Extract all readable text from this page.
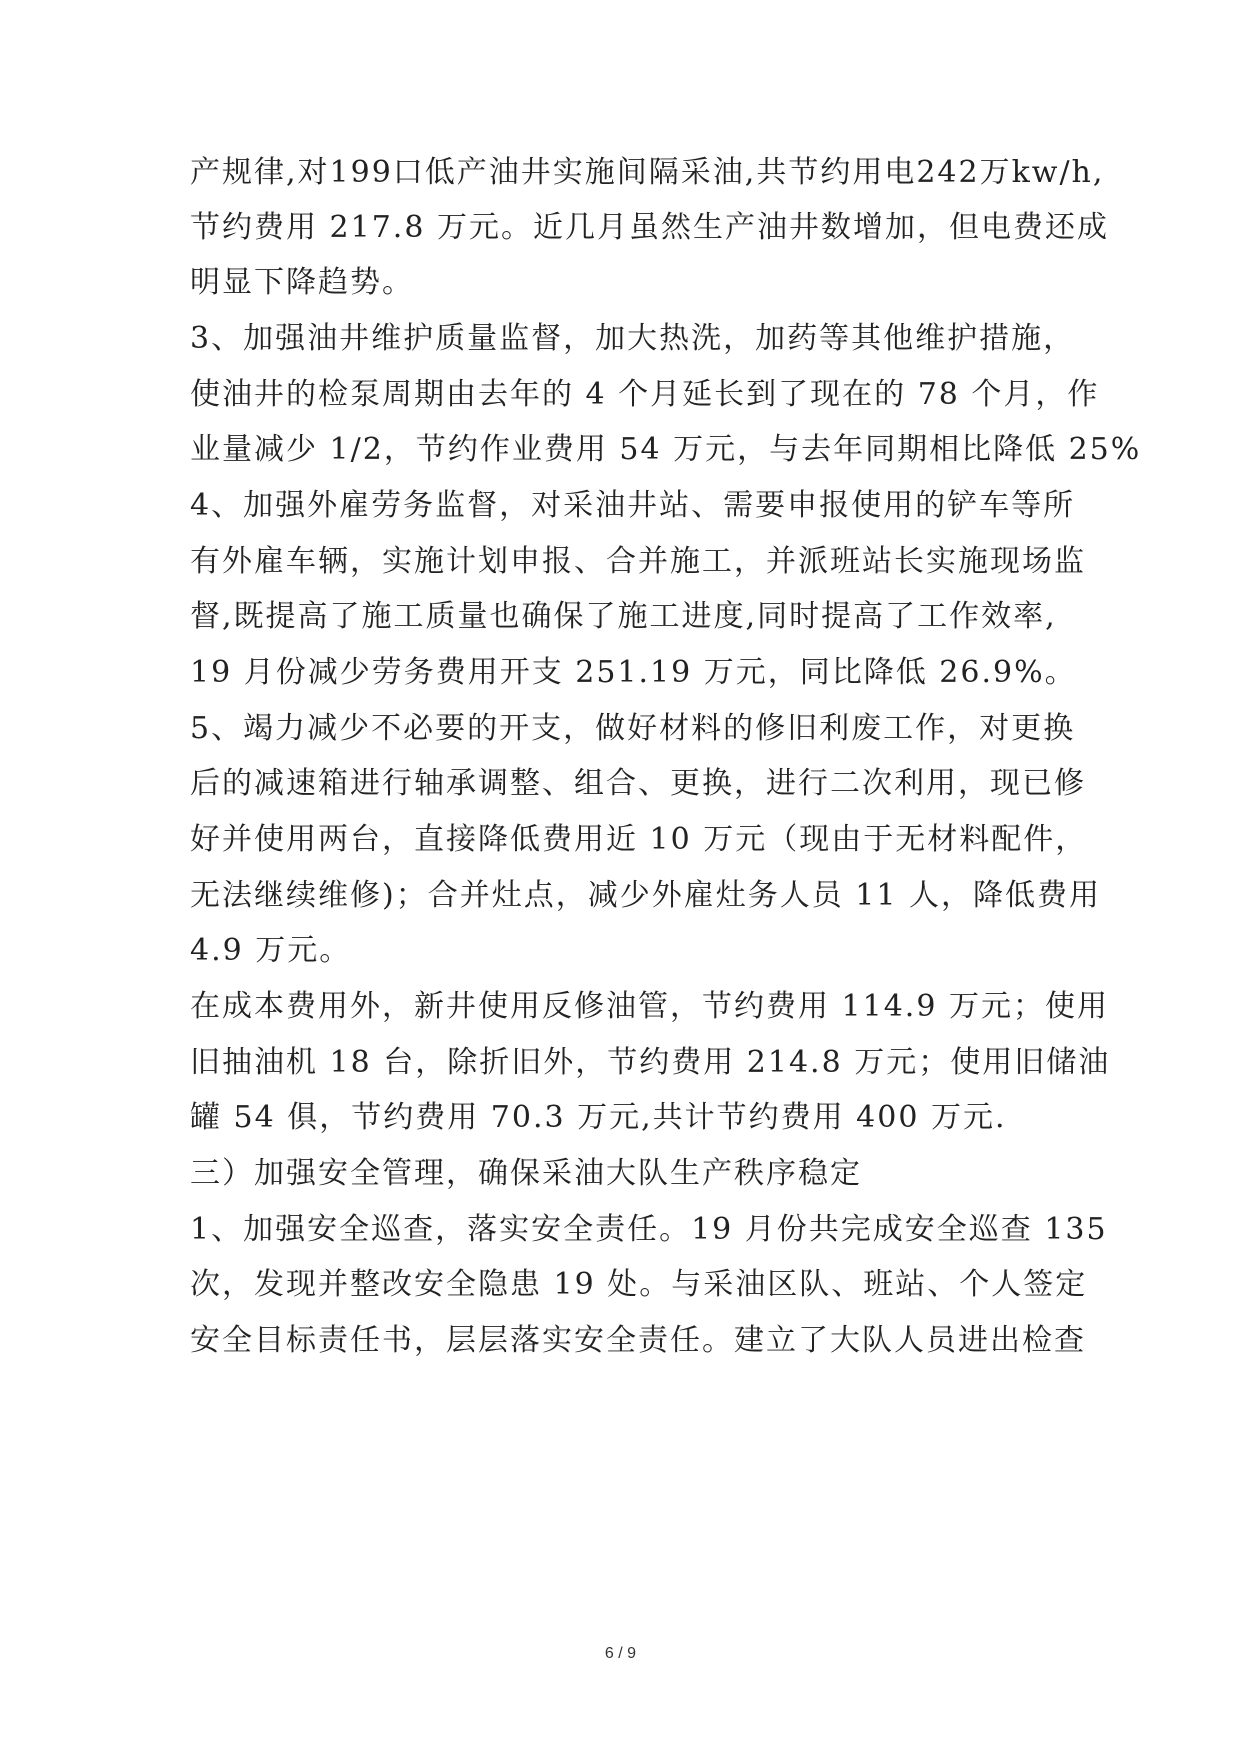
产规律,对199口低产油井实施间隔采油,共节约用电242万kw/h,
节约费用 217.8 万元。近几月虽然生产油井数增加，但电费还成
明显下降趋势。
3、加强油井维护质量监督，加大热洗，加药等其他维护措施，
使油井的检泵周期由去年的 4 个月延长到了现在的 78 个月，作
业量减少 1/2，节约作业费用 54 万元，与去年同期相比降低 25%
4、加强外雇劳务监督，对采油井站、需要申报使用的铲车等所
有外雇车辆，实施计划申报、合并施工，并派班站长实施现场监
督,既提高了施工质量也确保了施工进度,同时提高了工作效率,
19 月份减少劳务费用开支 251.19 万元，同比降低 26.9%。
5、竭力减少不必要的开支，做好材料的修旧利废工作，对更换
后的减速箱进行轴承调整、组合、更换，进行二次利用，现已修
好并使用两台，直接降低费用近 10 万元（现由于无材料配件，
无法继续维修)；合并灶点，减少外雇灶务人员 11 人，降低费用
4.9 万元。
在成本费用外，新井使用反修油管，节约费用 114.9 万元；使用
旧抽油机 18 台，除折旧外，节约费用 214.8 万元；使用旧储油
罐 54 俱，节约费用 70.3 万元,共计节约费用 400 万元.
三）加强安全管理，确保采油大队生产秩序稳定
1、加强安全巡查，落实安全责任。19 月份共完成安全巡查 135
次，发现并整改安全隐患 19 处。与采油区队、班站、个人签定
安全目标责任书，层层落实安全责任。建立了大队人员进出检查
6 / 9
